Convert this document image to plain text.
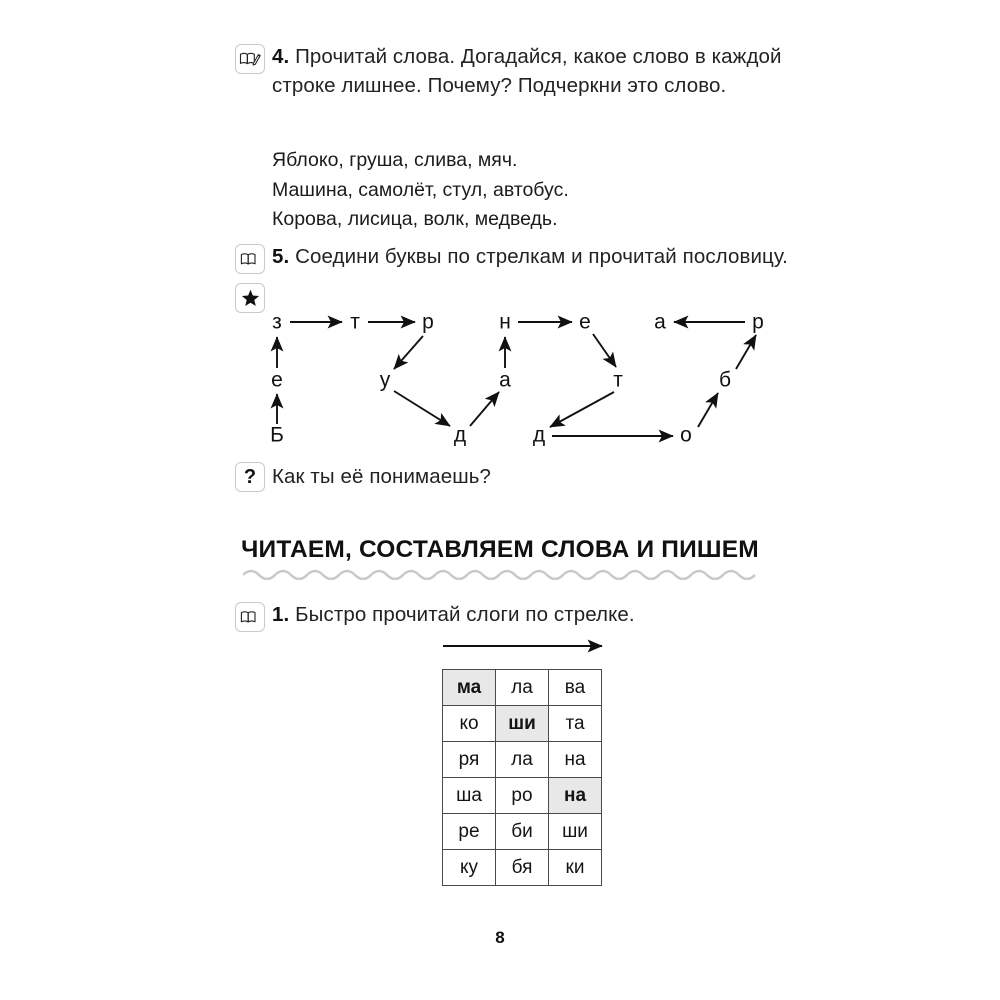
4. Прочитай слова. Догадайся, какое слово в каждой строке лишнее. Почему? Подчеркни это слово.
Яблоко, груша, слива, мяч.
Машина, самолёт, стул, автобус.
Корова, лисица, волк, медведь.
5. Соедини буквы по стрелкам и прочитай пословицу.
з	т	р	н	е	а	р
е	у	а	т	б
Б	д	д	о
? Как ты её понимаешь?
ЧИТАЕМ, СОСТАВЛЯЕМ СЛОВА И ПИШЕМ
1. Быстро прочитай слоги по стрелке.
ма	ла	ва
ко	ши	та
ря	ла	на
ша	ро	на
ре	би	ши
ку	бя	ки
8
